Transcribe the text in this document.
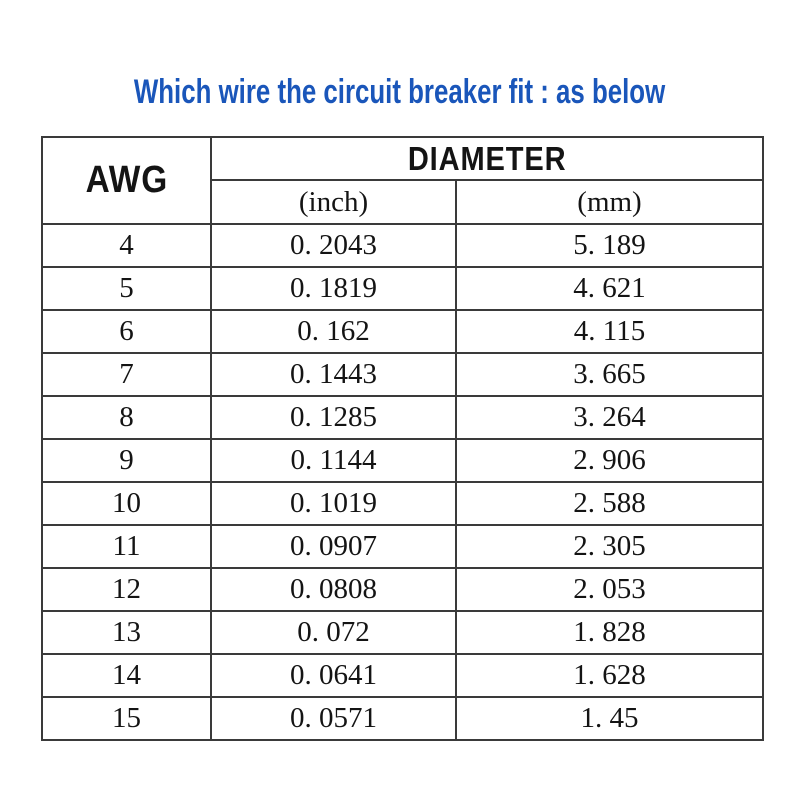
Which wire the circuit breaker fit : as below
AWG	DIAMETER	
	(inch)	(mm)
4	0. 2043	5. 189
5	0. 1819	4. 621
6	0. 162	4. 115
7	0. 1443	3. 665
8	0. 1285	3. 264
9	0. 1144	2. 906
10	0. 1019	2. 588
11	0. 0907	2. 305
12	0. 0808	2. 053
13	0. 072	1. 828
14	0. 0641	1. 628
15	0. 0571	1. 45
